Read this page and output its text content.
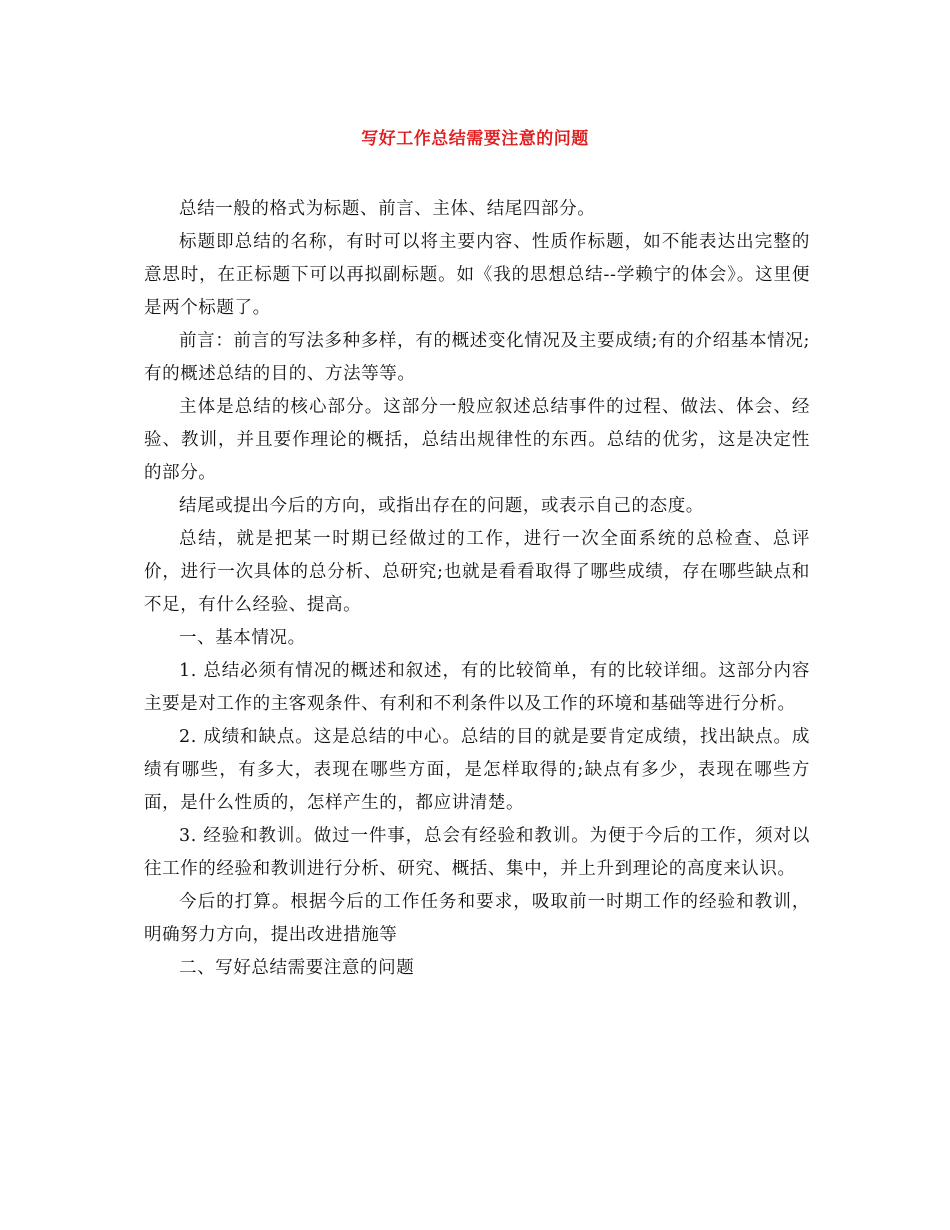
写好工作总结需要注意的问题

总结一般的格式为标题、前言、主体、结尾四部分。

标题即总结的名称，有时可以将主要内容、性质作标题，如不能表达出完整的意思时，在正标题下可以再拟副标题。如《我的思想总结--学赖宁的体会》。这里便是两个标题了。

前言：前言的写法多种多样，有的概述变化情况及主要成绩;有的介绍基本情况;有的概述总结的目的、方法等等。

主体是总结的核心部分。这部分一般应叙述总结事件的过程、做法、体会、经验、教训，并且要作理论的概括，总结出规律性的东西。总结的优劣，这是决定性的部分。

结尾或提出今后的方向，或指出存在的问题，或表示自己的态度。

总结，就是把某一时期已经做过的工作，进行一次全面系统的总检查、总评价，进行一次具体的总分析、总研究;也就是看看取得了哪些成绩，存在哪些缺点和不足，有什么经验、提高。

一、基本情况。

1. 总结必须有情况的概述和叙述，有的比较简单，有的比较详细。这部分内容主要是对工作的主客观条件、有利和不利条件以及工作的环境和基础等进行分析。

2. 成绩和缺点。这是总结的中心。总结的目的就是要肯定成绩，找出缺点。成绩有哪些，有多大，表现在哪些方面，是怎样取得的;缺点有多少，表现在哪些方面，是什么性质的，怎样产生的，都应讲清楚。

3. 经验和教训。做过一件事，总会有经验和教训。为便于今后的工作，须对以往工作的经验和教训进行分析、研究、概括、集中，并上升到理论的高度来认识。

今后的打算。根据今后的工作任务和要求，吸取前一时期工作的经验和教训，明确努力方向，提出改进措施等

二、写好总结需要注意的问题
